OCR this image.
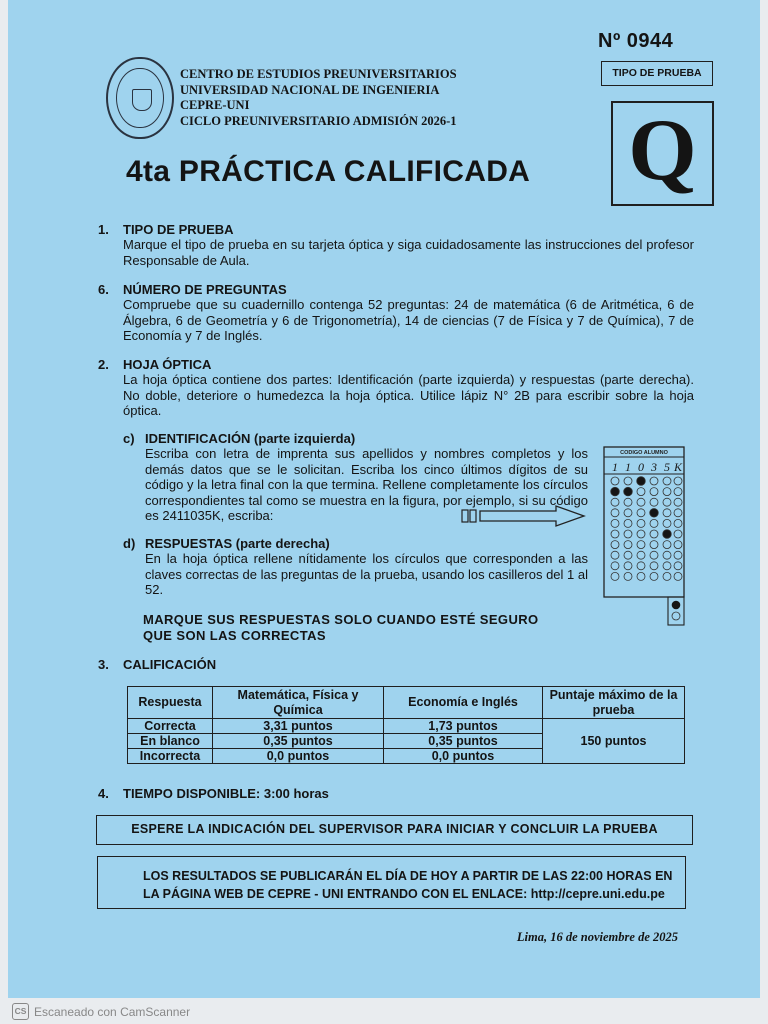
Nº 0944
CENTRO DE ESTUDIOS PREUNIVERSITARIOS
UNIVERSIDAD NACIONAL DE INGENIERIA
CEPRE-UNI
CICLO PREUNIVERSITARIO ADMISIÓN 2026-1
TIPO DE PRUEBA
Q
4ta PRÁCTICA CALIFICADA
1. TIPO DE PRUEBA
Marque el tipo de prueba en su tarjeta óptica y siga cuidadosamente las instrucciones del profesor Responsable de Aula.
6. NÚMERO DE PREGUNTAS
Compruebe que su cuadernillo contenga 52 preguntas: 24 de matemática (6 de Aritmética, 6 de Álgebra, 6 de Geometría y 6 de Trigonometría), 14 de ciencias (7 de Física y 7 de Química), 7 de Economía y 7 de Inglés.
2. HOJA ÓPTICA
La hoja óptica contiene dos partes: Identificación (parte izquierda) y respuestas (parte derecha). No doble, deteriore o humedezca la hoja óptica. Utilice lápiz N° 2B para escribir sobre la hoja óptica.
c) IDENTIFICACIÓN (parte izquierda)
Escriba con letra de imprenta sus apellidos y nombres completos y los demás datos que se le solicitan. Escriba los cinco últimos dígitos de su código y la letra final con la que termina. Rellene completamente los círculos correspondientes tal como se muestra en la figura, por ejemplo, si su código es 2411035K, escriba:
d) RESPUESTAS (parte derecha)
En la hoja óptica rellene nítidamente los círculos que corresponden a las claves correctas de las preguntas de la prueba, usando los casilleros del 1 al 52.
MARQUE SUS RESPUESTAS SOLO CUANDO ESTÉ SEGURO
QUE SON LAS CORRECTAS
CODIGO ALUMNO
1 1 0 3 5 K
3. CALIFICACIÓN
Respuesta	Matemática, Física y Química	Economía e Inglés	Puntaje máximo de la prueba
Correcta	3,31 puntos	1,73 puntos	150 puntos
En blanco	0,35 puntos	0,35 puntos	
Incorrecta	0,0 puntos	0,0 puntos	
4. TIEMPO DISPONIBLE: 3:00 horas
ESPERE LA INDICACIÓN DEL SUPERVISOR PARA INICIAR Y CONCLUIR LA PRUEBA
LOS RESULTADOS SE PUBLICARÁN EL DÍA DE HOY A PARTIR DE LAS 22:00 HORAS EN
LA PÁGINA WEB DE CEPRE - UNI ENTRANDO CON EL ENLACE: http://cepre.uni.edu.pe
Lima, 16 de noviembre de 2025
CS Escaneado con CamScanner
